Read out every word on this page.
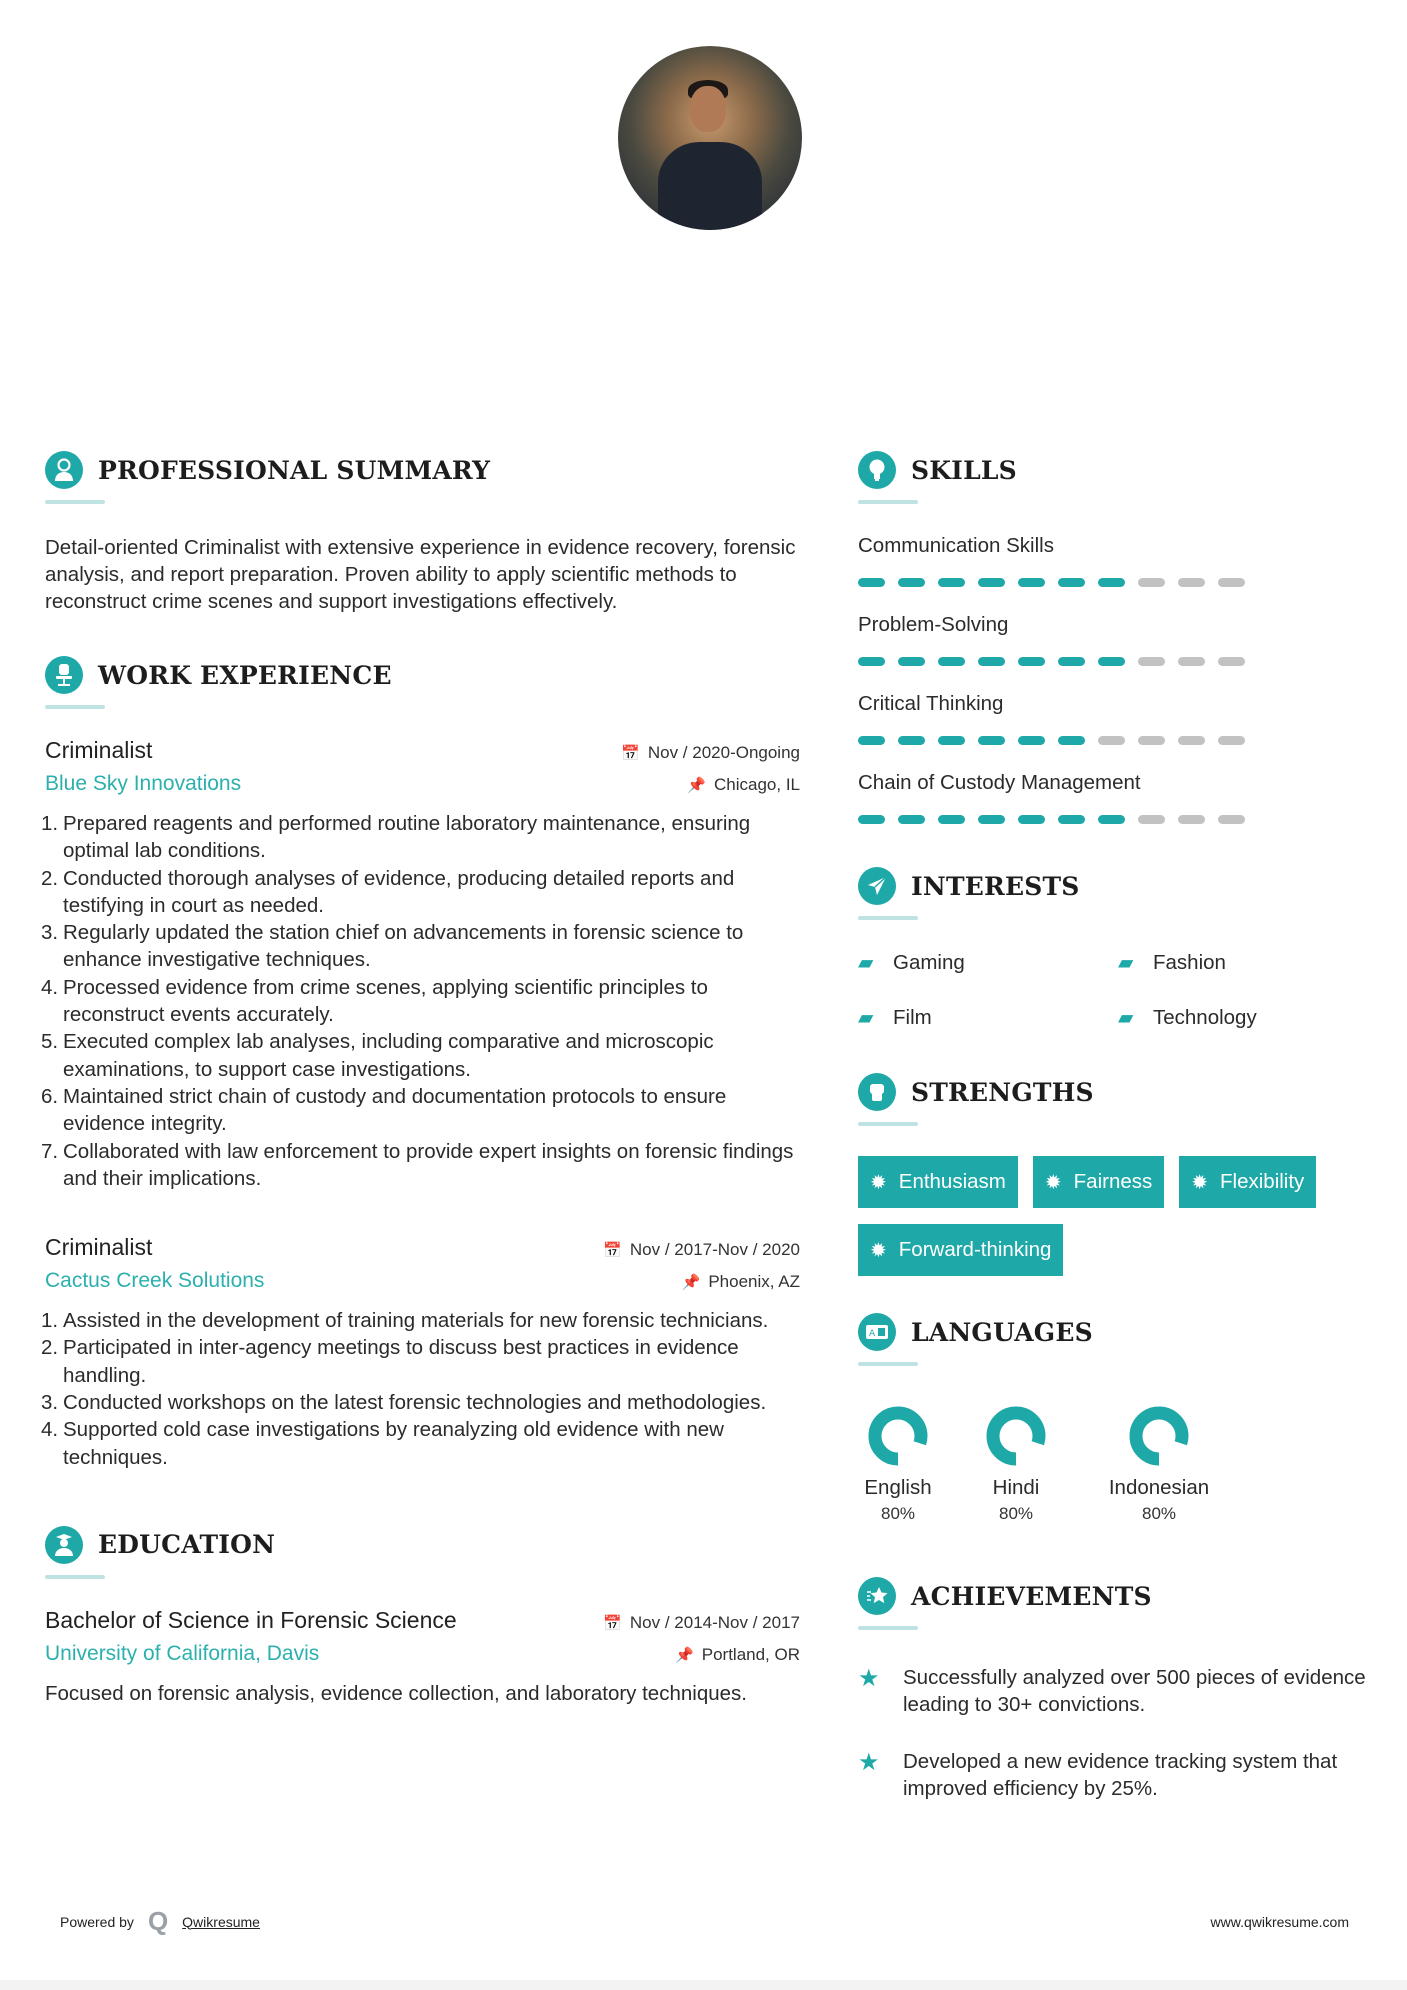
PROFESSIONAL SUMMARY

Detail-oriented Criminalist with extensive experience in evidence recovery, forensic analysis, and report preparation. Proven ability to apply scientific methods to reconstruct crime scenes and support investigations effectively.

WORK EXPERIENCE
Criminalist	📅 Nov / 2020-Ongoing
Blue Sky Innovations	📌 Chicago, IL
1. Prepared reagents and performed routine laboratory maintenance, ensuring optimal lab conditions.
2. Conducted thorough analyses of evidence, producing detailed reports and testifying in court as needed.
3. Regularly updated the station chief on advancements in forensic science to enhance investigative techniques.
4. Processed evidence from crime scenes, applying scientific principles to reconstruct events accurately.
5. Executed complex lab analyses, including comparative and microscopic examinations, to support case investigations.
6. Maintained strict chain of custody and documentation protocols to ensure evidence integrity.
7. Collaborated with law enforcement to provide expert insights on forensic findings and their implications.
Criminalist	📅 Nov / 2017-Nov / 2020
Cactus Creek Solutions	📌 Phoenix, AZ
1. Assisted in the development of training materials for new forensic technicians.
2. Participated in inter-agency meetings to discuss best practices in evidence handling.
3. Conducted workshops on the latest forensic technologies and methodologies.
4. Supported cold case investigations by reanalyzing old evidence with new techniques.
EDUCATION
Bachelor of Science in Forensic Science	📅 Nov / 2014-Nov / 2017
University of California, Davis	📌 Portland, OR

Focused on forensic analysis, evidence collection, and laboratory techniques.

SKILLS
Communication Skills
Problem-Solving
Critical Thinking
Chain of Custody Management
INTERESTS
▰ Gaming	▰ Fashion
▰ Film	▰ Technology
STRENGTHS
✹ Enthusiasm ✹ Fairness ✹ Flexibility
✹ Forward-thinking
A LANGUAGES
English
80%
Hindi
80%
Indonesian
80%
ACHIEVEMENTS
★	Successfully analyzed over 500 pieces of evidence leading to 30+ convictions.
★	Developed a new evidence tracking system that improved efficiency by 25%.
Powered by Q Qwikresume	www.qwikresume.com
